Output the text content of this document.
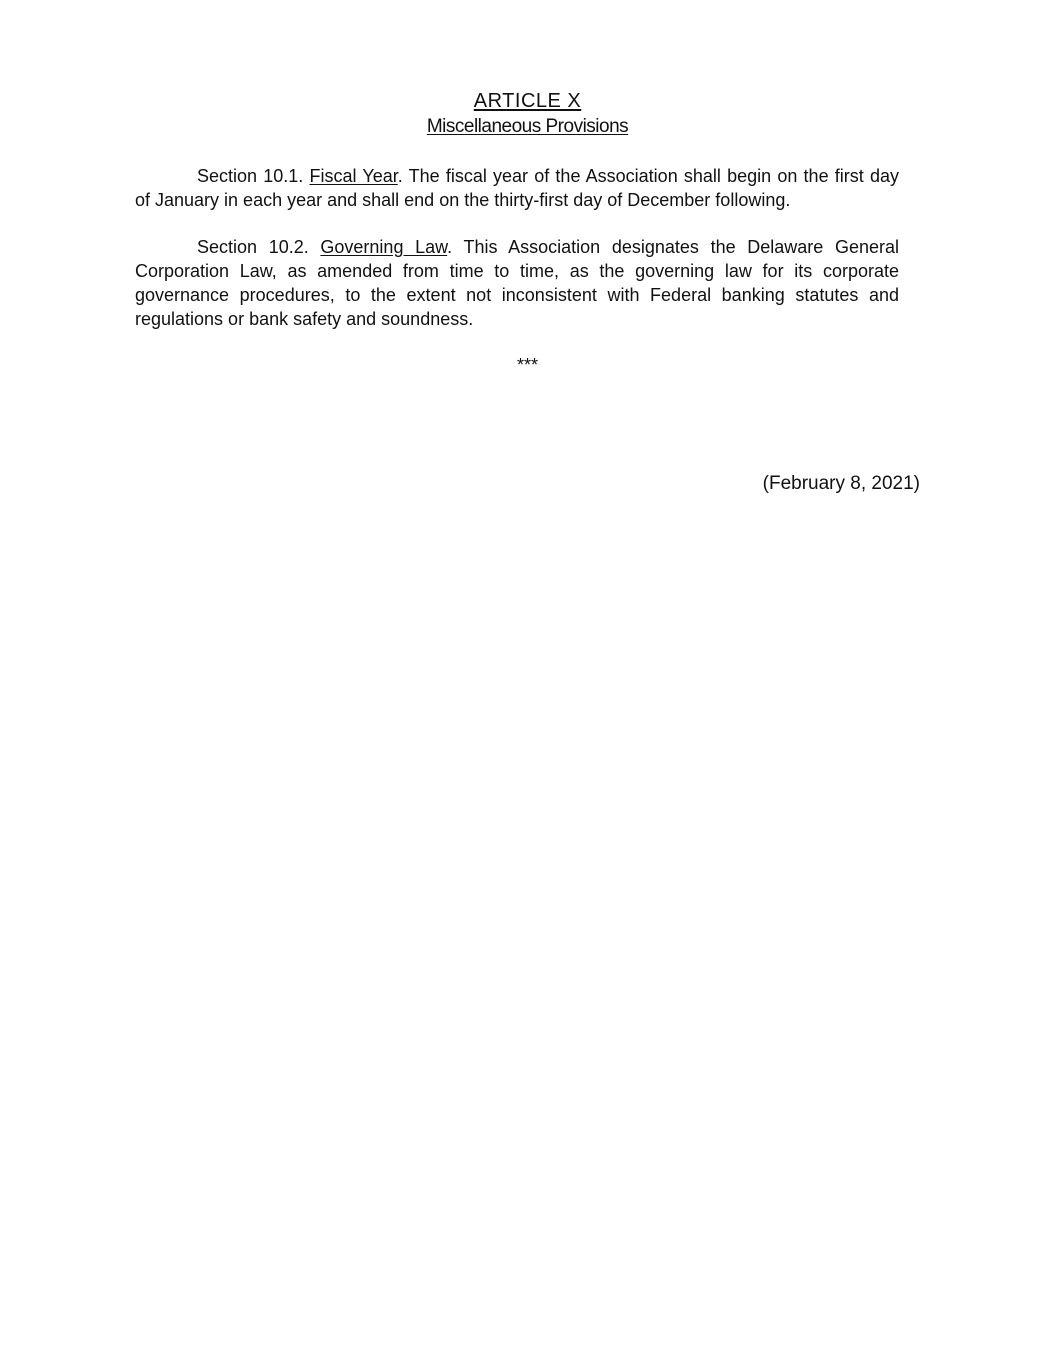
ARTICLE X
Miscellaneous Provisions
Section 10.1. Fiscal Year. The fiscal year of the Association shall begin on the first day of January in each year and shall end on the thirty-first day of December following.
Section 10.2. Governing Law. This Association designates the Delaware General Corporation Law, as amended from time to time, as the governing law for its corporate governance procedures, to the extent not inconsistent with Federal banking statutes and regulations or bank safety and soundness.
***
(February 8, 2021)
